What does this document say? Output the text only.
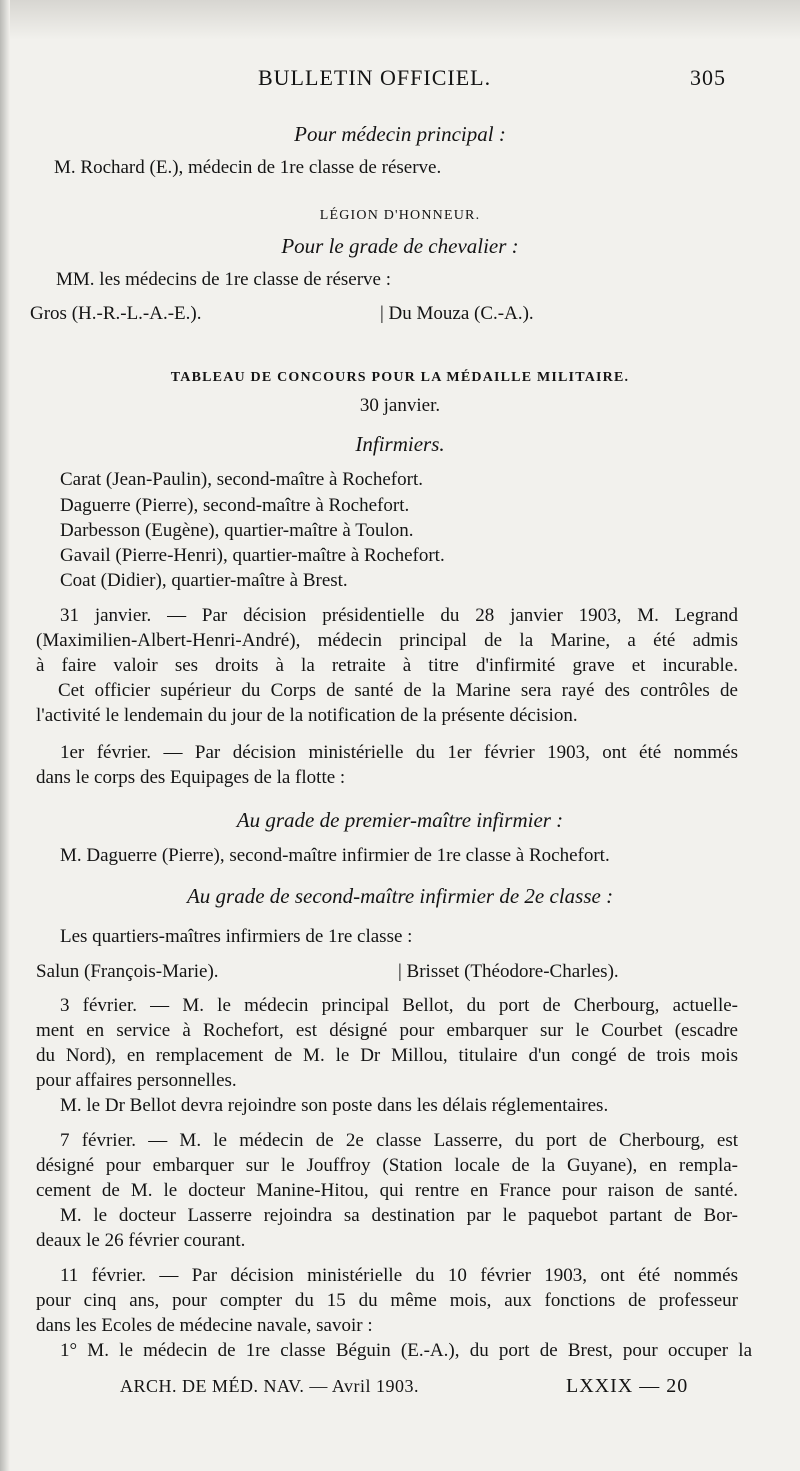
BULLETIN OFFICIEL.	305
Pour médecin principal :
M. Rochard (E.), médecin de 1re classe de réserve.
LÉGION D'HONNEUR.
Pour le grade de chevalier :
MM. les médecins de 1re classe de réserve :
Gros (H.-R.-L.-A.-E.).	| Du Mouza (C.-A.).
TABLEAU DE CONCOURS POUR LA MÉDAILLE MILITAIRE.
30 janvier.
Infirmiers.
Carat (Jean-Paulin), second-maître à Rochefort.
Daguerre (Pierre), second-maître à Rochefort.
Darbesson (Eugène), quartier-maître à Toulon.
Gavail (Pierre-Henri), quartier-maître à Rochefort.
Coat (Didier), quartier-maître à Brest.
31 janvier. — Par décision présidentielle du 28 janvier 1903, M. Legrand
(Maximilien-Albert-Henri-André), médecin principal de la Marine, a été admis
à faire valoir ses droits à la retraite à titre d'infirmité grave et incurable.
Cet officier supérieur du Corps de santé de la Marine sera rayé des contrôles de
l'activité le lendemain du jour de la notification de la présente décision.
1er février. — Par décision ministérielle du 1er février 1903, ont été nommés
dans le corps des Equipages de la flotte :
Au grade de premier-maître infirmier :
M. Daguerre (Pierre), second-maître infirmier de 1re classe à Rochefort.
Au grade de second-maître infirmier de 2e classe :
Les quartiers-maîtres infirmiers de 1re classe :
Salun (François-Marie).	| Brisset (Théodore-Charles).
3 février. — M. le médecin principal Bellot, du port de Cherbourg, actuelle-
ment en service à Rochefort, est désigné pour embarquer sur le Courbet (escadre
du Nord), en remplacement de M. le Dr Millou, titulaire d'un congé de trois mois
pour affaires personnelles.
M. le Dr Bellot devra rejoindre son poste dans les délais réglementaires.
7 février. — M. le médecin de 2e classe Lasserre, du port de Cherbourg, est
désigné pour embarquer sur le Jouffroy (Station locale de la Guyane), en rempla-
cement de M. le docteur Manine-Hitou, qui rentre en France pour raison de santé.
M. le docteur Lasserre rejoindra sa destination par le paquebot partant de Bor-
deaux le 26 février courant.
11 février. — Par décision ministérielle du 10 février 1903, ont été nommés
pour cinq ans, pour compter du 15 du même mois, aux fonctions de professeur
dans les Ecoles de médecine navale, savoir :
1° M. le médecin de 1re classe Béguin (E.-A.), du port de Brest, pour occuper la
ARCH. DE MÉD. NAV. — Avril 1903.	LXXIX — 20
